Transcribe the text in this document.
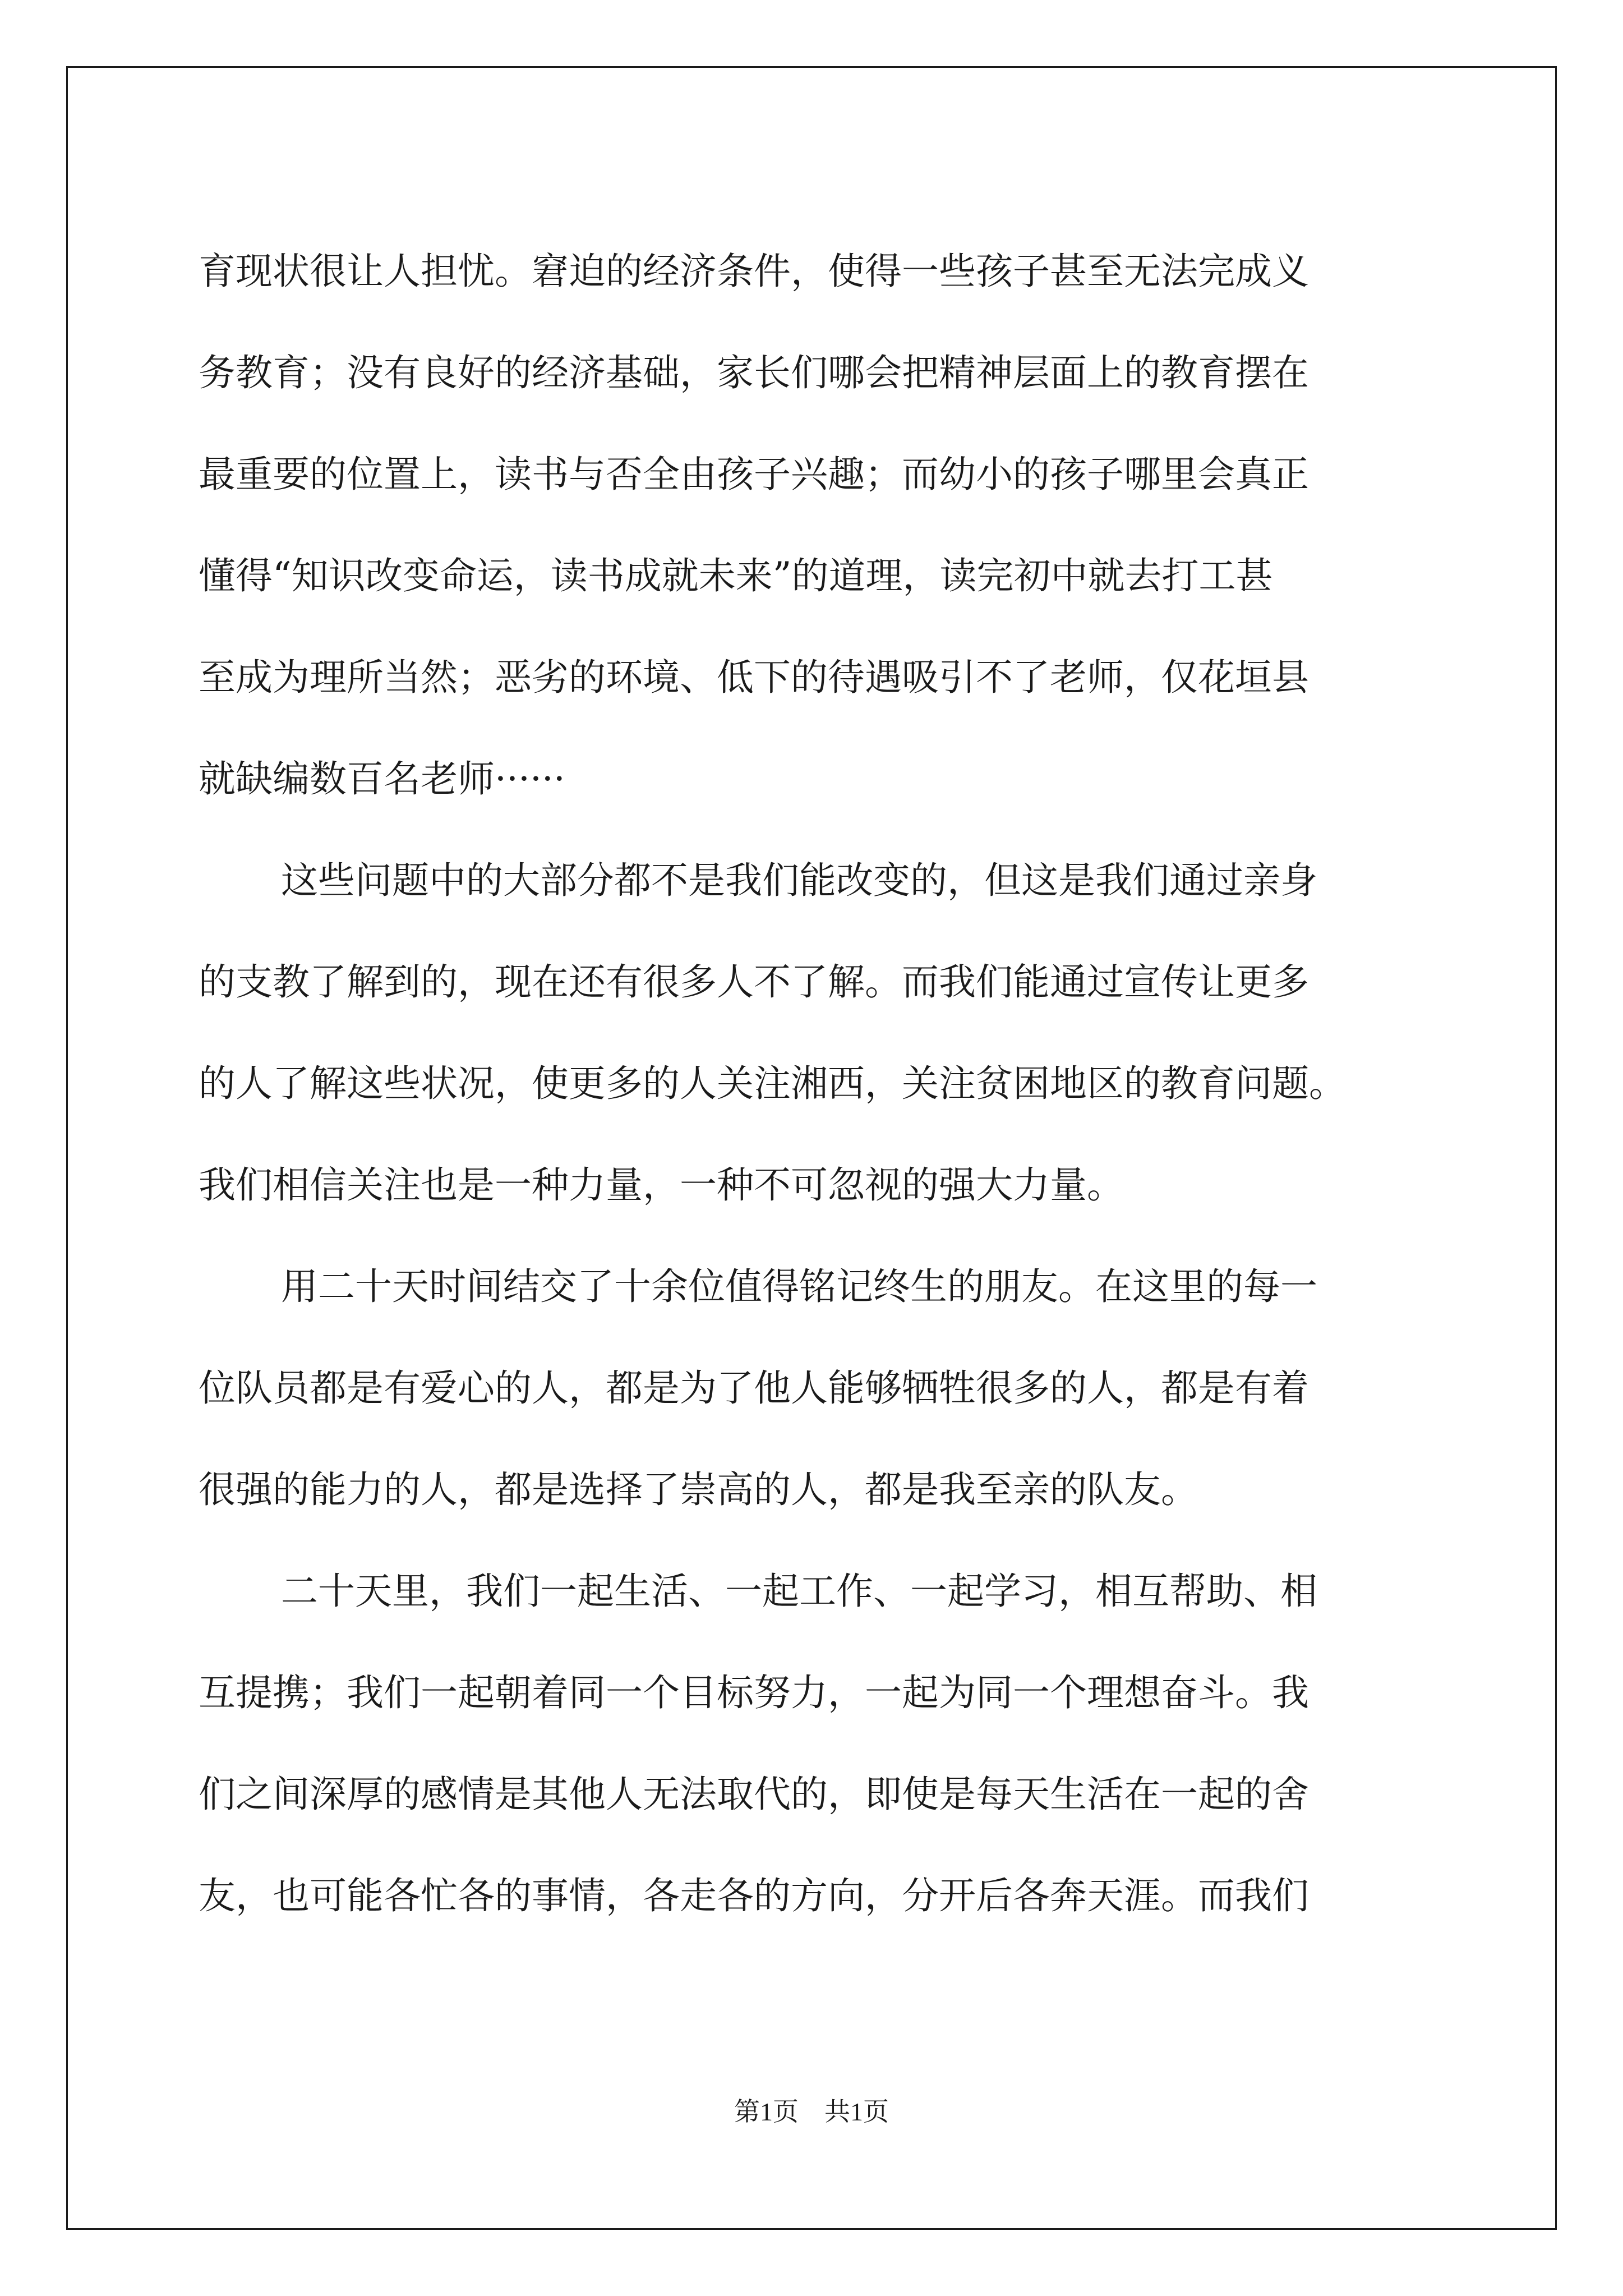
育现状很让人担忧。窘迫的经济条件，使得一些孩子甚至无法完成义
务教育；没有良好的经济基础，家长们哪会把精神层面上的教育摆在
最重要的位置上，读书与否全由孩子兴趣；而幼小的孩子哪里会真正
懂得“知识改变命运，读书成就未来”的道理，读完初中就去打工甚
至成为理所当然；恶劣的环境、低下的待遇吸引不了老师，仅花垣县
就缺编数百名老师······
这些问题中的大部分都不是我们能改变的，但这是我们通过亲身
的支教了解到的，现在还有很多人不了解。而我们能通过宣传让更多
的人了解这些状况，使更多的人关注湘西，关注贫困地区的教育问题。
我们相信关注也是一种力量，一种不可忽视的强大力量。
用二十天时间结交了十余位值得铭记终生的朋友。在这里的每一
位队员都是有爱心的人，都是为了他人能够牺牲很多的人，都是有着
很强的能力的人，都是选择了崇高的人，都是我至亲的队友。
二十天里，我们一起生活、一起工作、一起学习，相互帮助、相
互提携；我们一起朝着同一个目标努力，一起为同一个理想奋斗。我
们之间深厚的感情是其他人无法取代的，即使是每天生活在一起的舍
友，也可能各忙各的事情，各走各的方向，分开后各奔天涯。而我们
第1页　共1页
